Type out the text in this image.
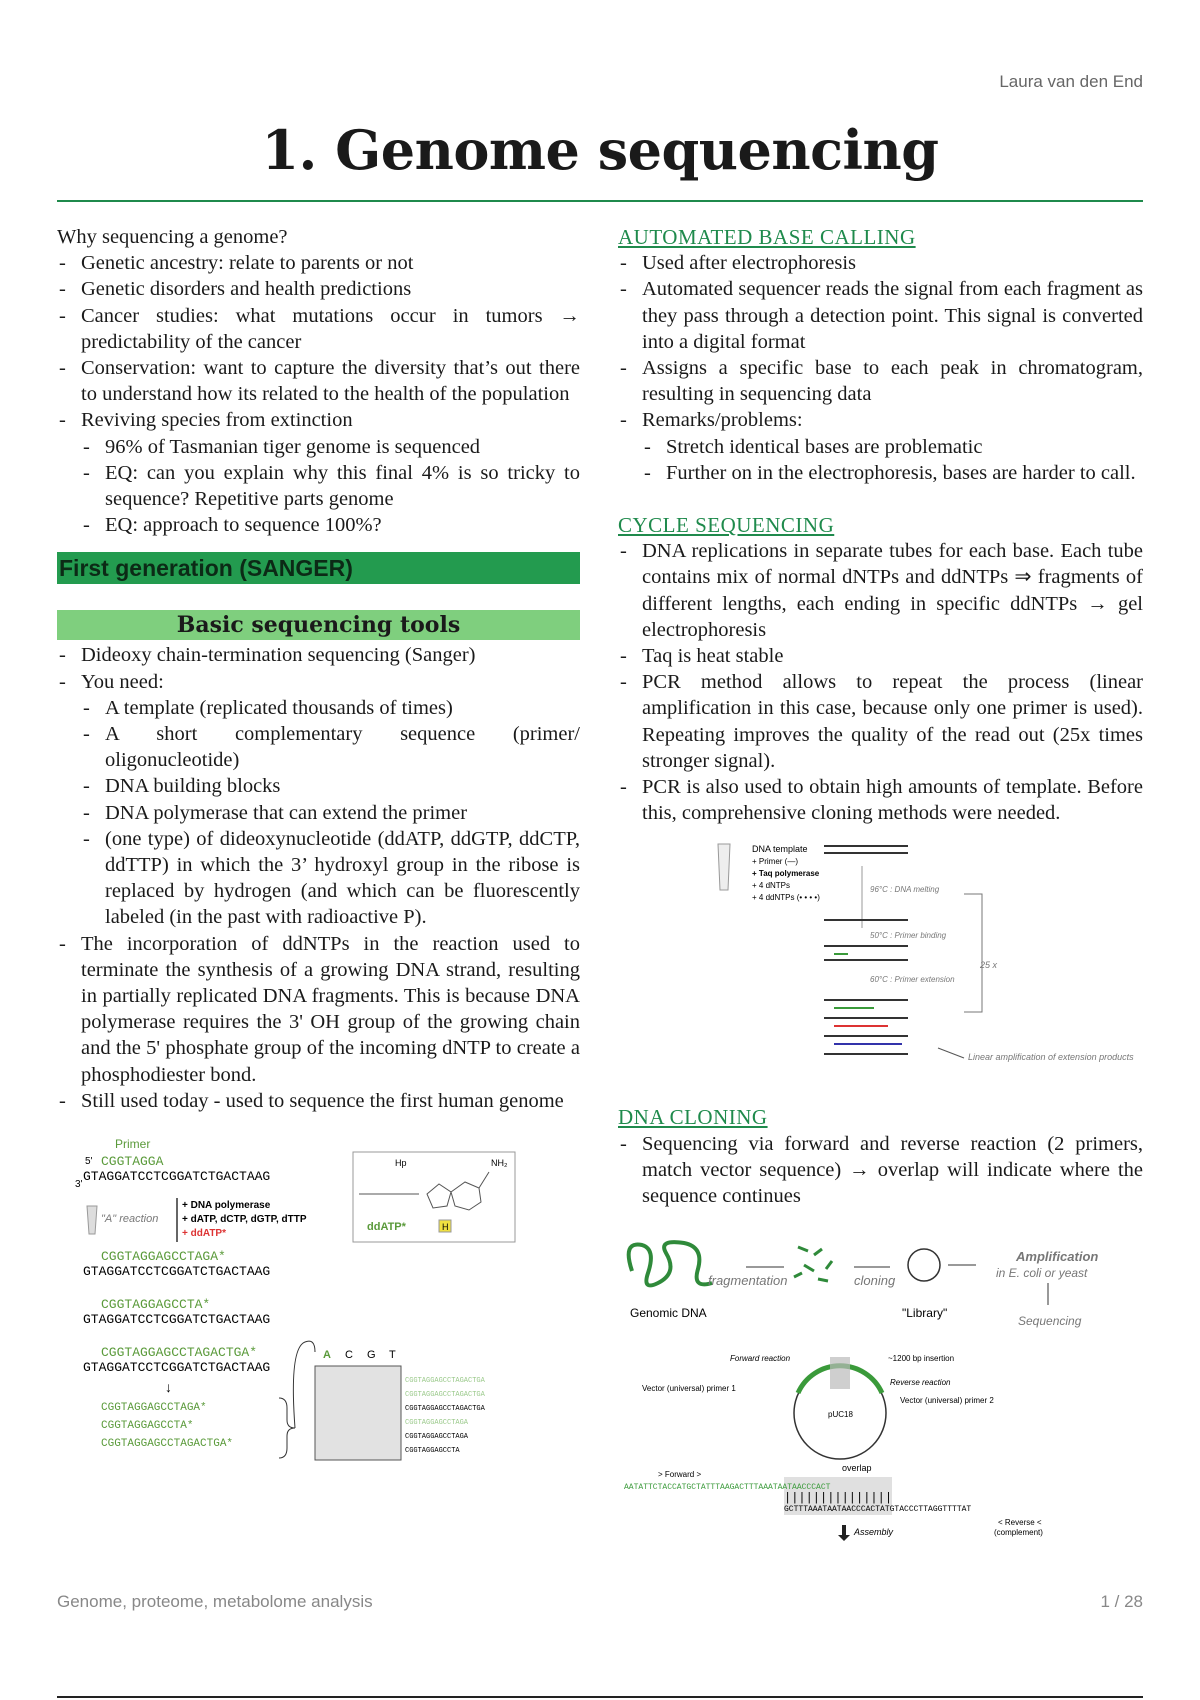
Laura van den End
1. Genome sequencing

Why sequencing a genome?

- Genetic ancestry: relate to parents or not
- Genetic disorders and health predictions
- Cancer studies: what mutations occur in tumors → predictability of the cancer
- Conservation: want to capture the diversity that’s out there to understand how its related to the health of the population
- Reviving species from extinction
- 96% of Tasmanian tiger genome is sequenced
- EQ: can you explain why this final 4% is so tricky to sequence? Repetitive parts genome
- EQ: approach to sequence 100%?
First generation (SANGER)
Basic sequencing tools
- Dideoxy chain-termination sequencing (Sanger)
- You need:
- A template (replicated thousands of times)
- A short complementary sequence (primer/ oligonucleotide)
- DNA building blocks
- DNA polymerase that can extend the primer
- (one type) of dideoxynucleotide (ddATP, ddGTP, ddCTP, ddTTP) in which the 3’ hydroxyl group in the ribose is replaced by hydrogen (and which can be fluorescently labeled (in the past with radioactive P).
- The incorporation of ddNTPs in the reaction used to terminate the synthesis of a growing DNA strand, resulting in partially replicated DNA fragments. This is because DNA polymerase requires the 3' OH group of the growing chain and the 5' phosphate group of the incoming dNTP to create a phosphodiester bond.
- Still used today - used to sequence the first human genome
Primer
5' CGGTAGGA
GTAGGATCCTCGGATCTGACTAAG
3'
"A" reaction
+ DNA polymerase
+ dATP, dCTP, dGTP, dTTP
+ ddATP*
CGGTAGGAGCCTAGA*
GTAGGATCCTCGGATCTGACTAAG
CGGTAGGAGCCTA*
GTAGGATCCTCGGATCTGACTAAG
CGGTAGGAGCCTAGACTGA*
GTAGGATCCTCGGATCTGACTAAG
↓
CGGTAGGAGCCTAGA*
CGGTAGGAGCCTA*
CGGTAGGAGCCTAGACTGA*
Hp	NH₂
ddATP*	H
A C G T
CGGTAGGAGCCTAGACTGA
CGGTAGGAGCCTAGACTGA
CGGTAGGAGCCTAGACTGA
CGGTAGGAGCCTAGA
CGGTAGGAGCCTAGA
CGGTAGGAGCCTA
AUTOMATED BASE CALLING
- Used after electrophoresis
- Automated sequencer reads the signal from each fragment as they pass through a detection point. This signal is converted into a digital format
- Assigns a specific base to each peak in chromatogram, resulting in sequencing data
- Remarks/problems:
- Stretch identical bases are problematic
- Further on in the electrophoresis, bases are harder to call.
CYCLE SEQUENCING
- DNA replications in separate tubes for each base. Each tube contains mix of normal dNTPs and ddNTPs ⇒ fragments of different lengths, each ending in specific ddNTPs → gel electrophoresis
- Taq is heat stable
- PCR method allows to repeat the process (linear amplification in this case, because only one primer is used). Repeating improves the quality of the read out (25x times stronger signal).
- PCR is also used to obtain high amounts of template. Before this, comprehensive cloning methods were needed.
DNA template
+ Primer (—)
+ Taq polymerase
+ 4 dNTPs
+ 4 ddNTPs (• • • •)
96°C : DNA melting
50°C : Primer binding
60°C : Primer extension
25 x
Linear amplification of extension products
DNA CLONING
- Sequencing via forward and reverse reaction (2 primers, match vector sequence) → overlap will indicate where the sequence continues
fragmentation	cloning
Amplification
in E. coli or yeast
Genomic DNA	"Library"
Sequencing
pUC18
Forward reaction	~1200 bp insertion
Reverse reaction
Vector (universal) primer 1
Vector (universal) primer 2
> Forward >
overlap
AATATTCTACCATGCTATTTAAGACTTTAAATAATAACCCACT
|||||||||||||||
GCTTTAAATAATAACCCACTATGTACCCTTAGGTTTTAT
< Reverse <
(complement)
Assembly
Genome, proteome, metabolome analysis	1 / 28
